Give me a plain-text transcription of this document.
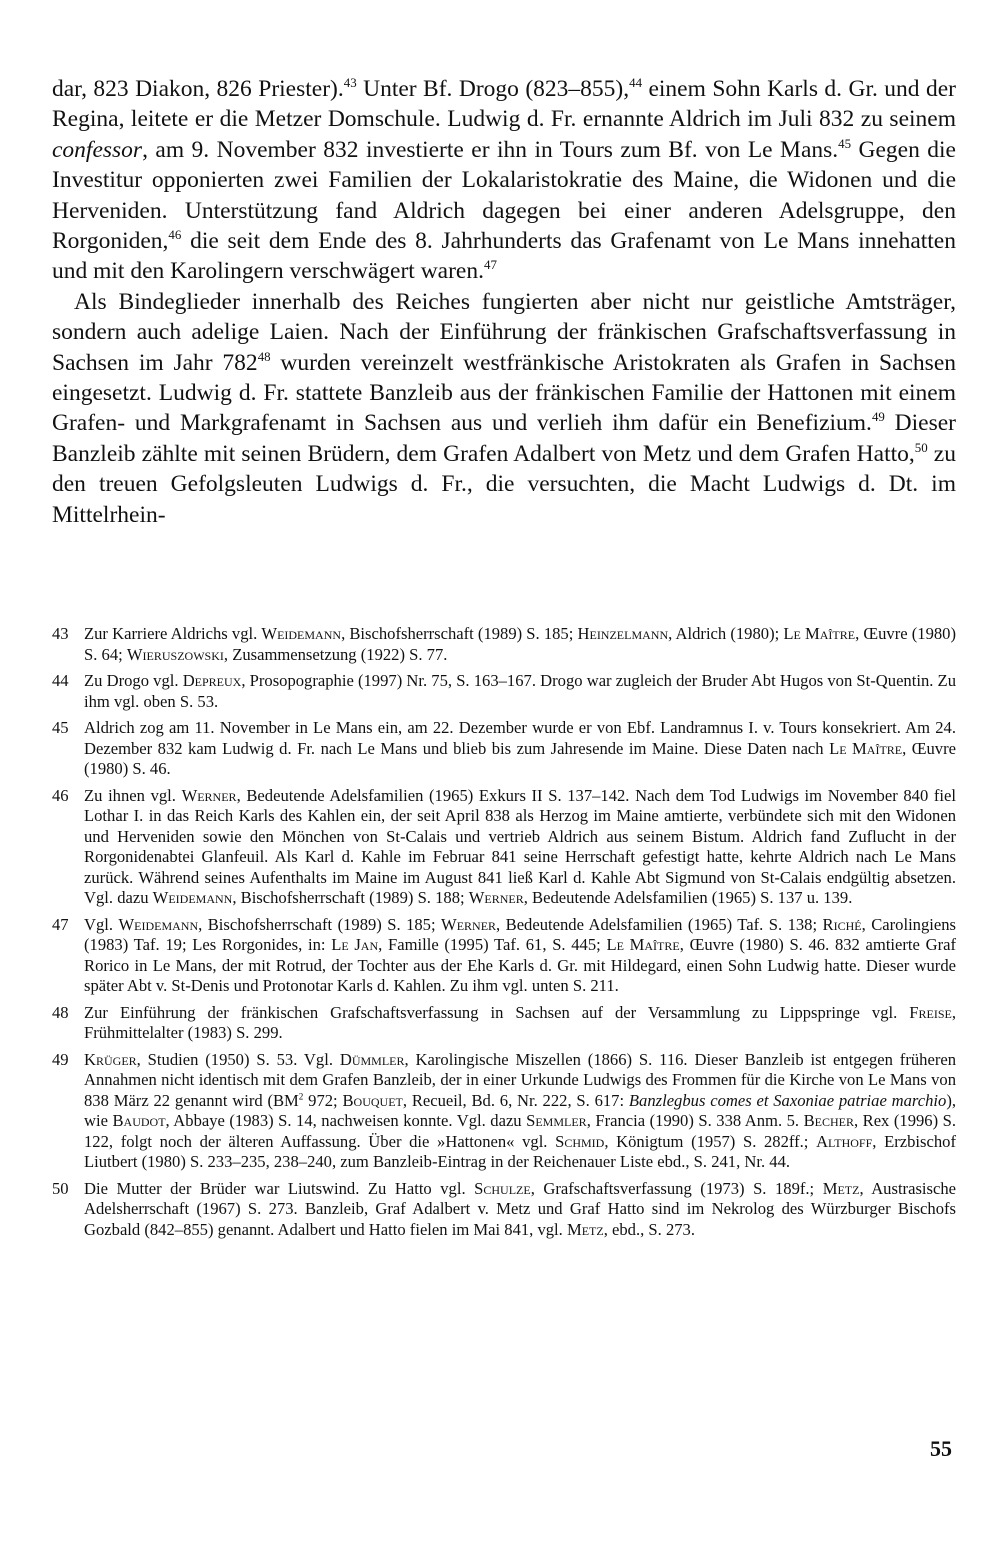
dar, 823 Diakon, 826 Priester).$^{43}$ Unter Bf. Drogo (823–855),$^{44}$ einem Sohn Karls d. Gr. und der Regina, leitete er die Metzer Domschule. Ludwig d. Fr. ernannte Aldrich im Juli 832 zu seinem confessor, am 9. November 832 investierte er ihn in Tours zum Bf. von Le Mans.$^{45}$ Gegen die Investitur opponierten zwei Familien der Lokalaristokratie des Maine, die Widonen und die Herveniden. Unterstützung fand Aldrich dagegen bei einer anderen Adelsgruppe, den Rorgoniden,$^{46}$ die seit dem Ende des 8. Jahrhunderts das Grafenamt von Le Mans innehatten und mit den Karolingern verschwägert waren.$^{47}$

Als Bindeglieder innerhalb des Reiches fungierten aber nicht nur geistliche Amtsträger, sondern auch adelige Laien. Nach der Einführung der fränkischen Grafschaftsverfassung in Sachsen im Jahr $782^{48}$ wurden vereinzelt westfränkische Aristokraten als Grafen in Sachsen eingesetzt. Ludwig d. Fr. stattete Banzleib aus der fränkischen Familie der Hattonen mit einem Grafen- und Markgrafenamt in Sachsen aus und verlieh ihm dafür ein Benefizium.$^{49}$ Dieser Banzleib zählte mit seinen Brüdern, dem Grafen Adalbert von Metz und dem Grafen Hatto,$^{50}$ zu den treuen Gefolgsleuten Ludwigs d. Fr., die versuchten, die Macht Ludwigs d. Dt. im Mittelrhein-

43 Zur Karriere Aldrichs vgl. Weidemann, Bischofsherrschaft (1989) S. 185; Heinzelmann, Aldrich (1980); Le Maître, Œuvre (1980) S. 64; Wieruszowski, Zusammensetzung (1922) S. 77.
44 Zu Drogo vgl. Depreux, Prosopographie (1997) Nr. 75, S. 163–167. Drogo war zugleich der Bruder Abt Hugos von St-Quentin. Zu ihm vgl. oben S. 53.
45 Aldrich zog am 11. November in Le Mans ein, am 22. Dezember wurde er von Ebf. Landramnus I. v. Tours konsekriert. Am 24. Dezember 832 kam Ludwig d. Fr. nach Le Mans und blieb bis zum Jahresende im Maine. Diese Daten nach Le Maître, Œuvre (1980) S. 46.
46 Zu ihnen vgl. Werner, Bedeutende Adelsfamilien (1965) Exkurs II S. 137–142. Nach dem Tod Ludwigs im November 840 fiel Lothar I. in das Reich Karls des Kahlen ein, der seit April 838 als Herzog im Maine amtierte, verbündete sich mit den Widonen und Herveniden sowie den Mönchen von St-Calais und vertrieb Aldrich aus seinem Bistum. Aldrich fand Zuflucht in der Rorgonidenabtei Glanfeuil. Als Karl d. Kahle im Februar 841 seine Herrschaft gefestigt hatte, kehrte Aldrich nach Le Mans zurück. Während seines Aufenthalts im Maine im August 841 ließ Karl d. Kahle Abt Sigmund von St-Calais endgültig absetzen. Vgl. dazu Weidemann, Bischofsherrschaft (1989) S. 188; Werner, Bedeutende Adelsfamilien (1965) S. 137 u. 139.
47 Vgl. Weidemann, Bischofsherrschaft (1989) S. 185; Werner, Bedeutende Adelsfamilien (1965) Taf. S. 138; Riché, Carolingiens (1983) Taf. 19; Les Rorgonides, in: Le Jan, Famille (1995) Taf. 61, S. 445; Le Maître, Œuvre (1980) S. 46. 832 amtierte Graf Rorico in Le Mans, der mit Rotrud, der Tochter aus der Ehe Karls d. Gr. mit Hildegard, einen Sohn Ludwig hatte. Dieser wurde später Abt v. St-Denis und Protonotar Karls d. Kahlen. Zu ihm vgl. unten S. 211.
48 Zur Einführung der fränkischen Grafschaftsverfassung in Sachsen auf der Versammlung zu Lippspringe vgl. Freise, Frühmittelalter (1983) S. 299.
49 Krüger, Studien (1950) S. 53. Vgl. Dümmler, Karolingische Miszellen (1866) S. 116. Dieser Banzleib ist entgegen früheren Annahmen nicht identisch mit dem Grafen Banzleib, der in einer Urkunde Ludwigs des Frommen für die Kirche von Le Mans von 838 März 22 genannt wird ($BM^2$ 972; Bouquet, Recueil, Bd. 6, Nr. 222, S. 617: Banzlegbus comes et Saxoniae patriae marchio), wie Baudot, Abbaye (1983) S. 14, nachweisen konnte. Vgl. dazu Semmler, Francia (1990) S. 338 Anm. 5. Becher, Rex (1996) S. 122, folgt noch der älteren Auffassung. Über die »Hattonen« vgl. Schmid, Königtum (1957) S. 282ff.; Althoff, Erzbischof Liutbert (1980) S. 233–235, 238–240, zum Banzleib-Eintrag in der Reichenauer Liste ebd., S. 241, Nr. 44.
50 Die Mutter der Brüder war Liutswind. Zu Hatto vgl. Schulze, Grafschaftsverfassung (1973) S. 189f.; Metz, Austrasische Adelsherrschaft (1967) S. 273. Banzleib, Graf Adalbert v. Metz und Graf Hatto sind im Nekrolog des Würzburger Bischofs Gozbald (842–855) genannt. Adalbert und Hatto fielen im Mai 841, vgl. Metz, ebd., S. 273.
55
